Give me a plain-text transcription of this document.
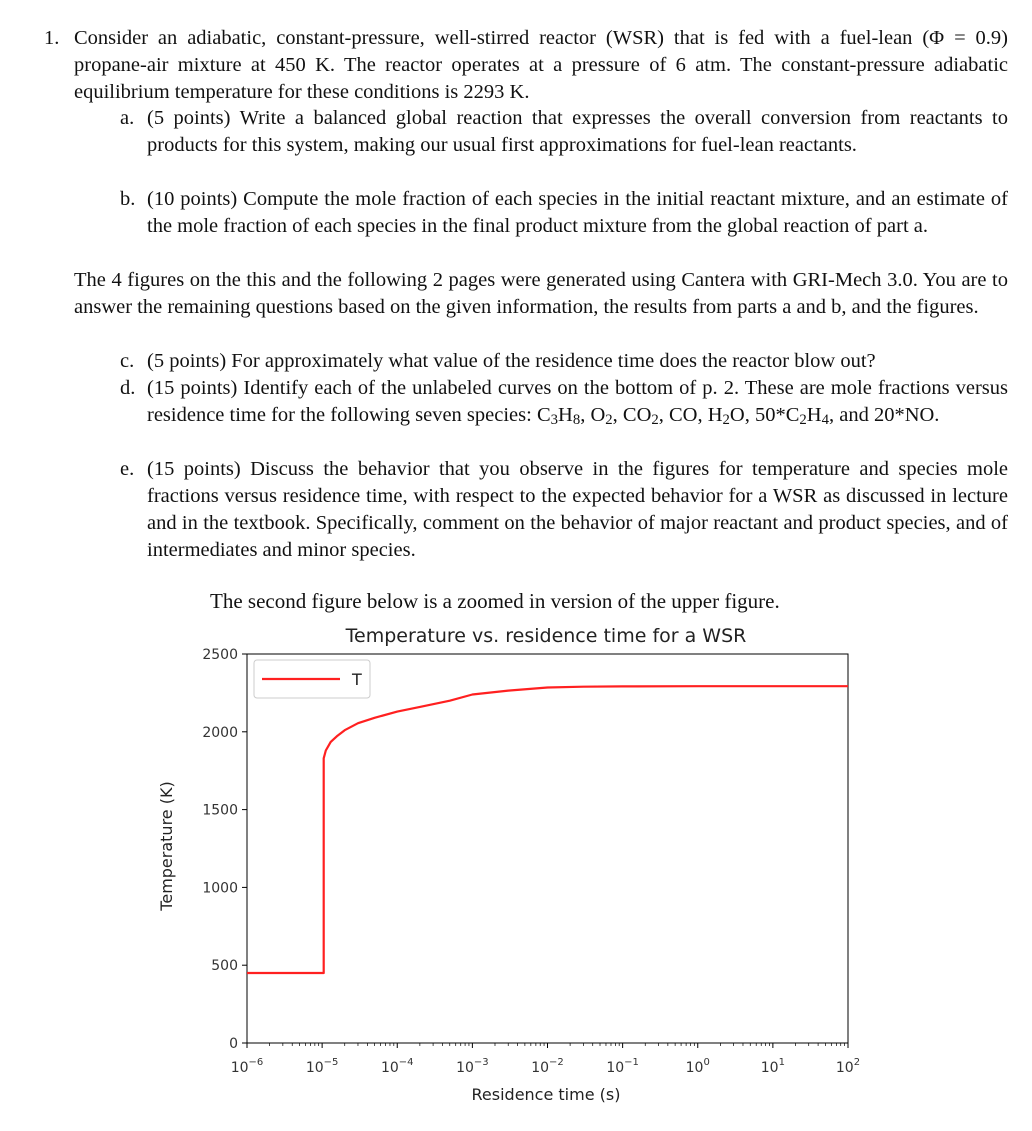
1. Consider an adiabatic, constant-pressure, well-stirred reactor (WSR) that is fed with a fuel-lean (Φ = 0.9) propane-air mixture at 450 K. The reactor operates at a pressure of 6 atm. The constant-pressure adiabatic equilibrium temperature for these conditions is 2293 K.

a. (5 points) Write a balanced global reaction that expresses the overall conversion from reactants to products for this system, making our usual first approximations for fuel-lean reactants.

b. (10 points) Compute the mole fraction of each species in the initial reactant mixture, and an estimate of the mole fraction of each species in the final product mixture from the global reaction of part a.

The 4 figures on the this and the following 2 pages were generated using Cantera with GRI-Mech 3.0. You are to answer the remaining questions based on the given information, the results from parts a and b, and the figures.

c. (5 points) For approximately what value of the residence time does the reactor blow out?

d. (15 points) Identify each of the unlabeled curves on the bottom of p. 2. These are mole fractions versus residence time for the following seven species: $C_3H_8$, $O_2$, $CO_2$, CO, $H_2O$, $50*C_2H_4$, and 20*NO.

e. (15 points) Discuss the behavior that you observe in the figures for temperature and species mole fractions versus residence time, with respect to the expected behavior for a WSR as discussed in lecture and in the textbook. Specifically, comment on the behavior of major reactant and product species, and of intermediates and minor species.

The second figure below is a zoomed in version of the upper figure.
Temperature vs. residence time for a WSR
Residence time (s)
Temperature (K)
0
500
1000
1500
2000
2500
$10^{-6}$	$10^{-5}$	$10^{-4}$	$10^{-3}$	$10^{-2}$	$10^{-1}$	$10^0$	$10^1$	$10^2$
T
